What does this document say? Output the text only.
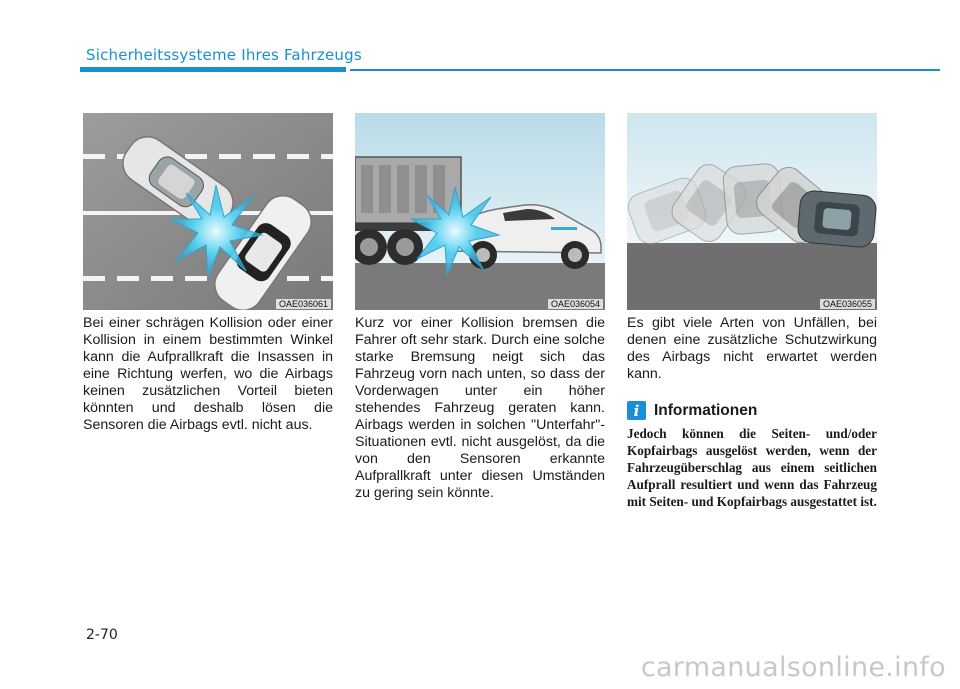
Sicherheitssysteme Ihres Fahrzeugs
OAE036061	OAE036054	OAE036055
Bei einer schrägen Kollision oder einer Kollision in einem bestimmten Winkel kann die Aufprallkraft die Insassen in eine Richtung werfen, wo die Airbags keinen zusätzlichen Vorteil bieten könnten und deshalb lösen die Sensoren die Airbags evtl. nicht aus.
Kurz vor einer Kollision bremsen die Fahrer oft sehr stark. Durch eine solche starke Bremsung neigt sich das Fahrzeug vorn nach unten, so dass der Vorderwagen unter ein höher stehendes Fahrzeug geraten kann. Airbags werden in solchen "Unterfahr"- Situationen evtl. nicht ausgelöst, da die von den Sensoren erkannte Aufprallkraft unter diesen Umständen zu gering sein könnte.
Es gibt viele Arten von Unfällen, bei denen eine zusätzliche Schutzwirkung des Airbags nicht erwartet werden kann.
i Informationen
Jedoch können die Seiten- und/oder Kopfairbags ausgelöst werden, wenn der Fahrzeugüberschlag aus einem seitlichen Aufprall resultiert und wenn das Fahrzeug mit Seiten- und Kopfairbags ausgestattet ist.
2-70
carmanualsonline.info
